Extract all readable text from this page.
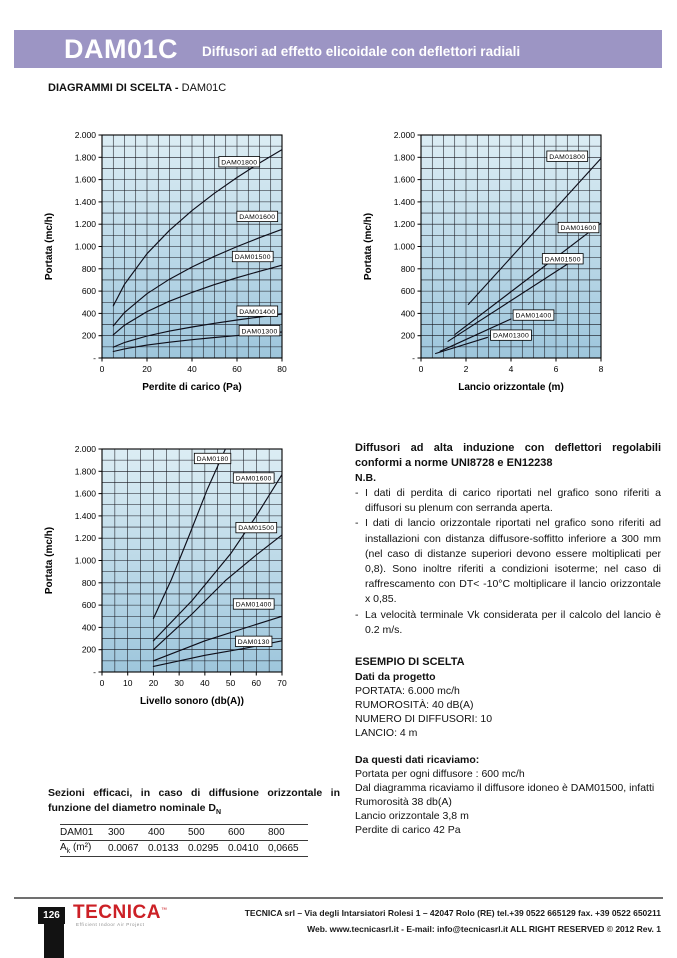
DAM01C Diffusori ad effetto elicoidale con deflettori radiali
DIAGRAMMI DI SCELTA - DAM01C
0	20	40	60	80
-
200
400
600
800
1.000
1.200
1.400
1.600
1.800
2.000
Perdite di carico (Pa)
Portata (mc/h)
DAM01800
DAM01600
DAM01500
DAM01400
DAM01300
0	2	4	6	8
-
200
400
600
800
1.000
1.200
1.400
1.600
1.800
2.000
Lancio orizzontale (m)
Portata (mc/h)
DAM01800
DAM01600
DAM01500
DAM01400
DAM01300
0 10 20 30 40 50 60 70
-
200
400
600
800
1.000
1.200
1.400
1.600
1.800
2.000
Livello sonoro (db(A))
Portata (mc/h)
DAM0180
DAM01600
DAM01500
DAM01400
DAM0130

Diffusori ad alta induzione con deflettori regolabili conformi a norme UNI8728 e EN12238

N.B.

- I dati di perdita di carico riportati nel grafico sono riferiti a diffusori su plenum con serranda aperta.
- I dati di lancio orizzontale riportati nel grafico sono riferiti ad installazioni con distanza diffusore-soffitto inferiore a 300 mm (nel caso di distanze superiori devono essere moltiplicati per 0,8). Sono inoltre riferiti a condizioni isoterme; nel caso di raffrescamento con DT< -10°C moltiplicare il lancio orizzontale x 0,85.
- La velocità terminale Vk considerata per il calcolo del lancio è 0.2 m/s.
ESEMPIO DI SCELTA
Dati da progetto
PORTATA: 6.000 mc/h
RUMOROSITÀ: 40 dB(A)
NUMERO DI DIFFUSORI: 10
LANCIO: 4 m
Da questi dati ricaviamo:
Portata per ogni diffusore : 600 mc/h
Dal diagramma ricaviamo il diffusore idoneo è DAM01500, infatti
Rumorosità 38 db(A)
Lancio orizzontale 3,8 m
Perdite di carico 42 Pa
Sezioni efficaci, in caso di diffusione orizzontale in funzione del diametro nominale $D_N$
DAM01	300	400	500	600	800
$A_k$ (m²)	0.0067 0.0133 0.0295 0.0410 0,0665
126 TECNICA™
Efficient Indoor Air Project
TECNICA srl – Via degli Intarsiatori Rolesi 1 – 42047 Rolo (RE) tel.+39 0522 665129 fax. +39 0522 650211
Web. www.tecnicasrl.it - E-mail: info@tecnicasrl.it ALL RIGHT RESERVED © 2012 Rev. 1
